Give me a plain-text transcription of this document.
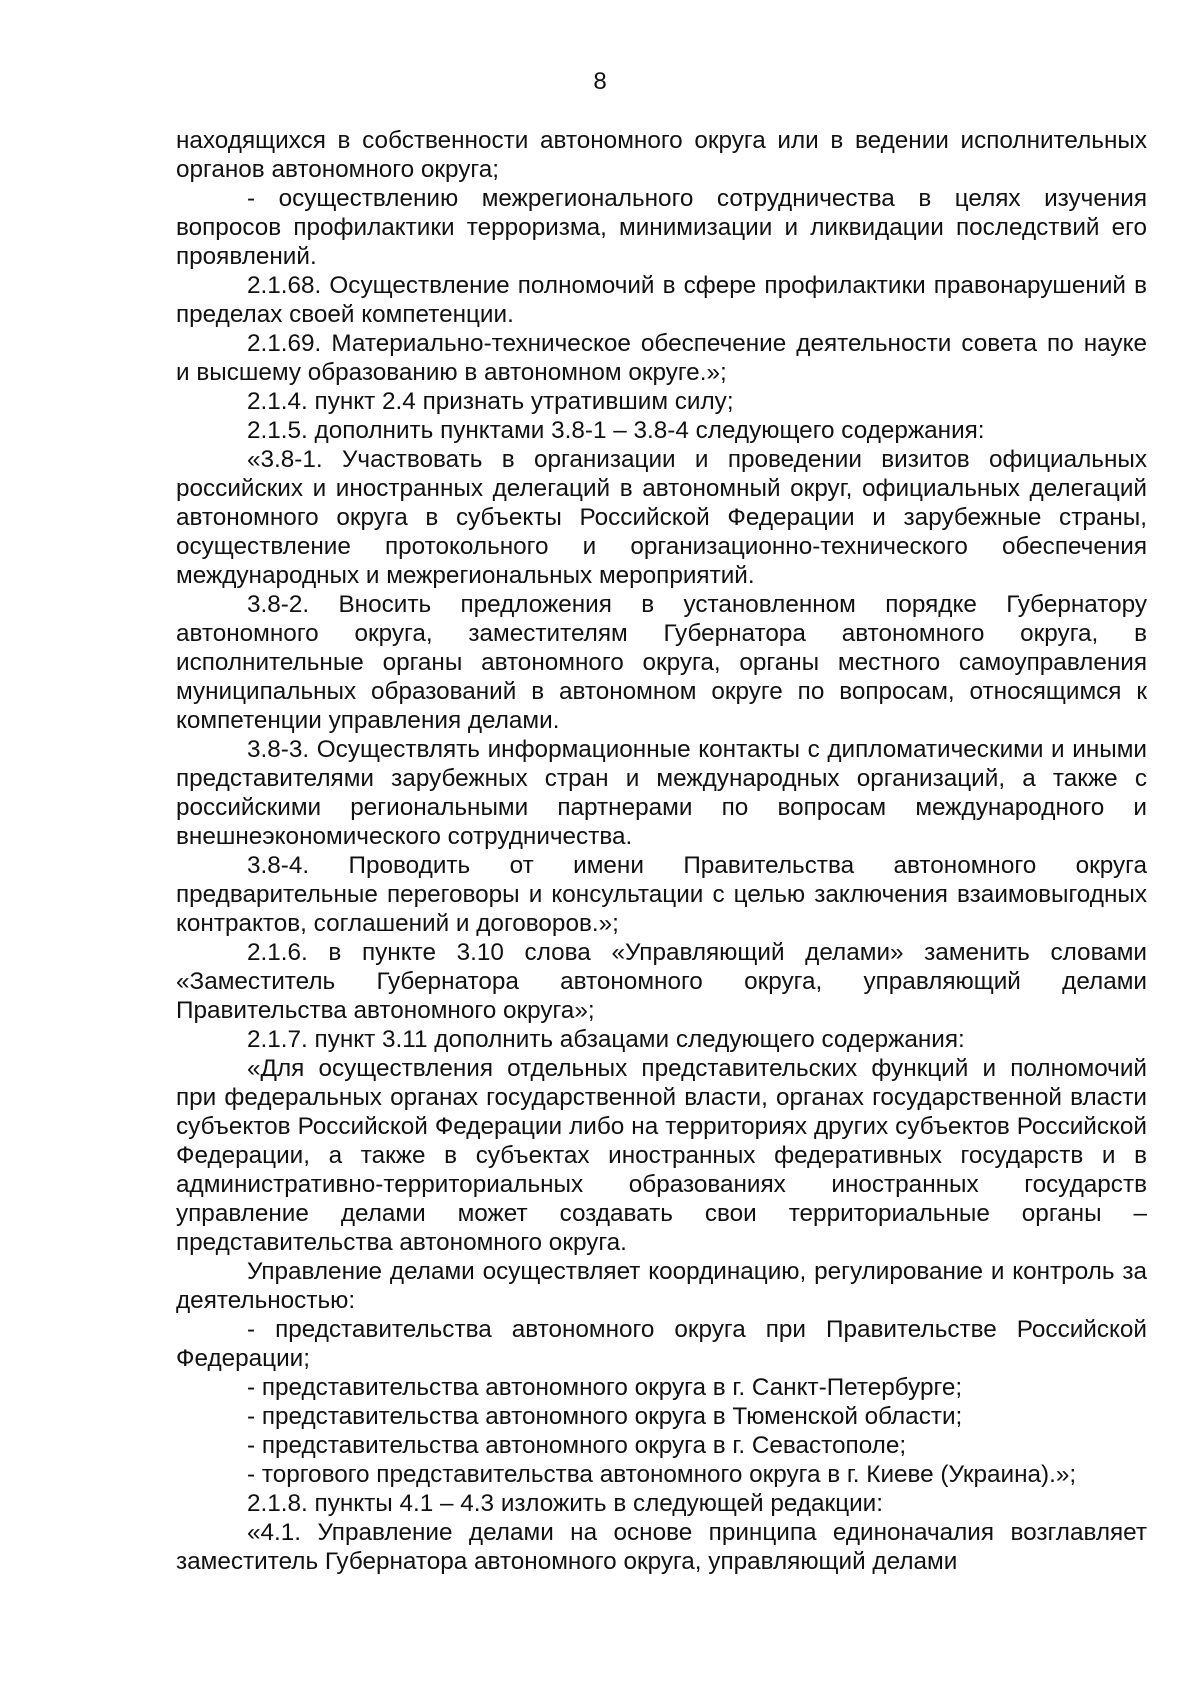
8

находящихся в собственности автономного округа или в ведении исполнительных органов автономного округа;

- осуществлению межрегионального сотрудничества в целях изучения вопросов профилактики терроризма, минимизации и ликвидации последствий его проявлений.

2.1.68. Осуществление полномочий в сфере профилактики правонарушений в пределах своей компетенции.

2.1.69. Материально-техническое обеспечение деятельности совета по науке и высшему образованию в автономном округе.»;

2.1.4. пункт 2.4 признать утратившим силу;

2.1.5. дополнить пунктами 3.8-1 – 3.8-4 следующего содержания:

«3.8-1. Участвовать в организации и проведении визитов официальных российских и иностранных делегаций в автономный округ, официальных делегаций автономного округа в субъекты Российской Федерации и зарубежные страны, осуществление протокольного и организационно-технического обеспечения международных и межрегиональных мероприятий.

3.8-2. Вносить предложения в установленном порядке Губернатору автономного округа, заместителям Губернатора автономного округа, в исполнительные органы автономного округа, органы местного самоуправления муниципальных образований в автономном округе по вопросам, относящимся к компетенции управления делами.

3.8-3. Осуществлять информационные контакты с дипломатическими и иными представителями зарубежных стран и международных организаций, а также с российскими региональными партнерами по вопросам международного и внешнеэкономического сотрудничества.

3.8-4. Проводить от имени Правительства автономного округа предварительные переговоры и консультации с целью заключения взаимовыгодных контрактов, соглашений и договоров.»;

2.1.6. в пункте 3.10 слова «Управляющий делами» заменить словами «Заместитель Губернатора автономного округа, управляющий делами Правительства автономного округа»;

2.1.7. пункт 3.11 дополнить абзацами следующего содержания:

«Для осуществления отдельных представительских функций и полномочий при федеральных органах государственной власти, органах государственной власти субъектов Российской Федерации либо на территориях других субъектов Российской Федерации, а также в субъектах иностранных федеративных государств и в административно-территориальных образованиях иностранных государств управление делами может создавать свои территориальные органы – представительства автономного округа.

Управление делами осуществляет координацию, регулирование и контроль за деятельностью:

- представительства автономного округа при Правительстве Российской Федерации;

- представительства автономного округа в г. Санкт-Петербурге;

- представительства автономного округа в Тюменской области;

- представительства автономного округа в г. Севастополе;

- торгового представительства автономного округа в г. Киеве (Украина).»;

2.1.8. пункты 4.1 – 4.3 изложить в следующей редакции:

«4.1. Управление делами на основе принципа единоначалия возглавляет заместитель Губернатора автономного округа, управляющий делами
